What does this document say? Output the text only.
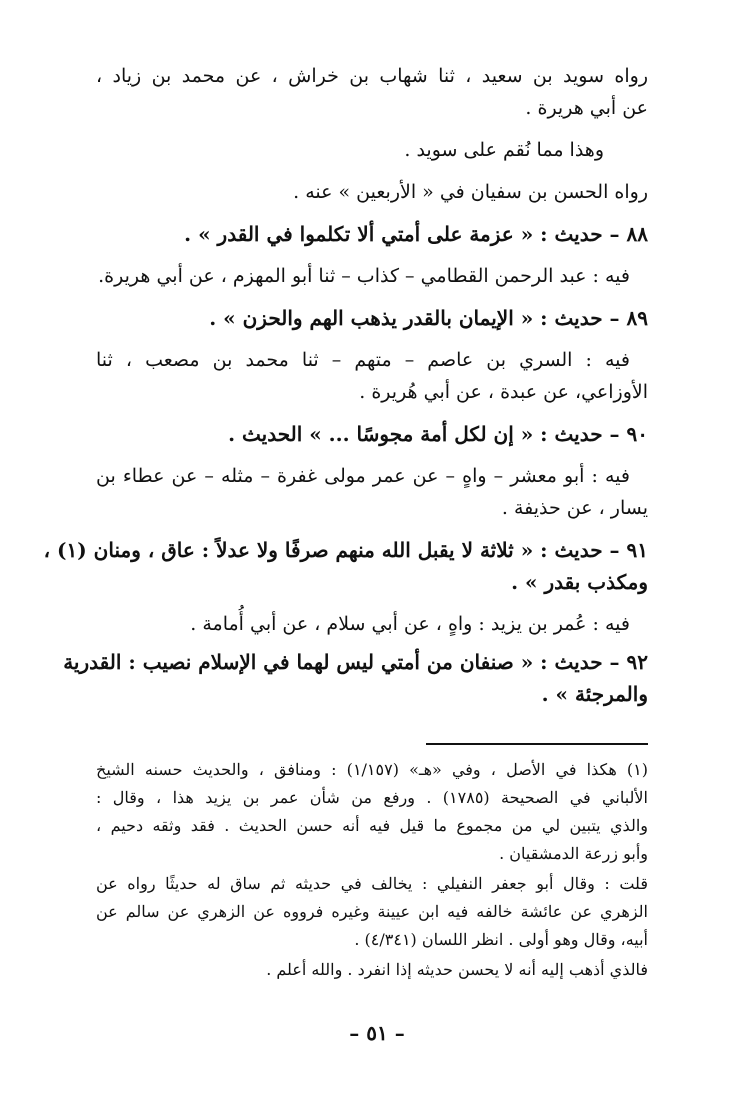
رواه سويد بن سعيد ، ثنا شهاب بن خراش ، عن محمد بن زياد ،

عن أبي هريرة .

وهذا مما نُقم على سويد .

رواه الحسن بن سفيان في « الأربعين » عنه .

٨٨ – حديث : « عزمة على أمتي ألا تكلموا في القدر » .

فيه : عبد الرحمن القطامي – كذاب – ثنا أبو المهزم ، عن أبي هريرة.

٨٩ – حديث : « الإيمان بالقدر يذهب الهم والحزن » .

فيه : السري بن عاصم – متهم – ثنا محمد بن مصعب ، ثنا

الأوزاعي، عن عبدة ، عن أبي هُريرة .

٩٠ – حديث : « إن لكل أمة مجوسًا ... » الحديث .

فيه : أبو معشر – واهٍ – عن عمر مولى غفرة – مثله – عن عطاء بن

يسار ، عن حذيفة .

٩١ – حديث : « ثلاثة لا يقبل الله منهم صرفًا ولا عدلاً : عاق ، ومنان (١) ،

ومكذب بقدر » .

فيه : عُمر بن يزيد : واهٍ ، عن أبي سلام ، عن أبي أُمامة .

٩٢ – حديث : « صنفان من أمتي ليس لهما في الإسلام نصيب : القدرية

والمرجئة » .

(١) هكذا في الأصل ، وفي «هـ» (١/١٥٧) : ومنافق ، والحديث حسنه الشيخ

الألباني في الصحيحة (١٧٨٥) . ورفع من شأن عمر بن يزيد هذا ، وقال :

والذي يتبين لي من مجموع ما قيل فيه أنه حسن الحديث . فقد وثقه دحيم ،

وأبو زرعة الدمشقيان .

قلت : وقال أبو جعفر النفيلي : يخالف في حديثه ثم ساق له حديثًا رواه عن

الزهري عن عائشة خالفه فيه ابن عيينة وغيره فرووه عن الزهري عن سالم عن

أبيه، وقال وهو أولى . انظر اللسان (٤/٣٤١) .

فالذي أذهب إليه أنه لا يحسن حديثه إذا انفرد . والله أعلم .

– ٥١ –
